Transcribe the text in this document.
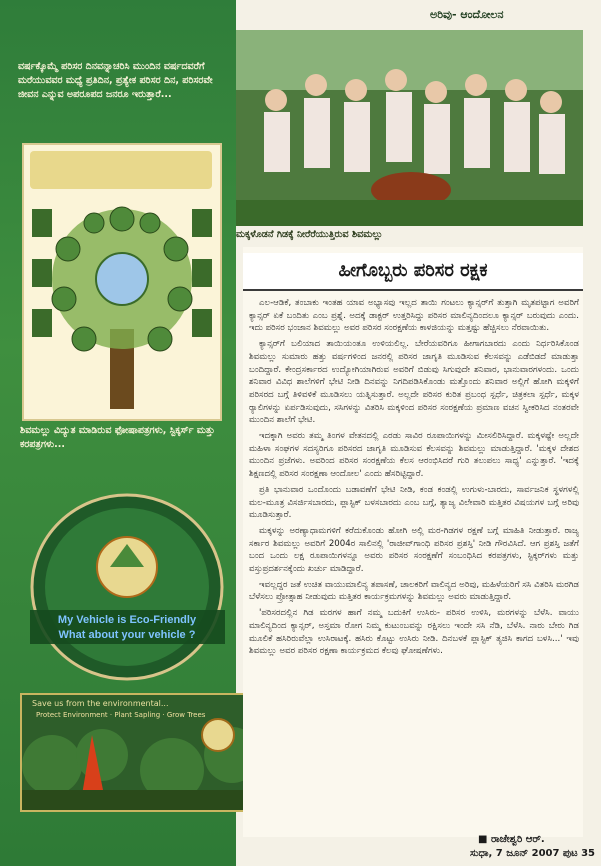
ಅರಿವು- ಆಂದೋಲನ
ವರ್ಷಕ್ಕೊಮ್ಮೆ ಪರಿಸರ ದಿನವನ್ನಾಚರಿಸಿ ಮುಂದಿನ ವರ್ಷದವರೆಗೆ ಮರೆಯುವವರ ಮಧ್ಯೆ ಪ್ರತಿದಿನ, ಪ್ರತ್ಯೇಕ ಪರಿಸರ ದಿನ, ಪರಿಸರವೇ ಜೀವನ ಎನ್ನುವ ಅಪರೂಪದ ಜನರೂ ಇರುತ್ತಾರೆ...
ಶಿವಮಲ್ಲು ವಿದ್ಯುತ ಮಾಡಿರುವ ಫೋಷಾಪತ್ರಗಳು, ಸ್ಟಿಕ್ಕರ್ಸ್ ಮತ್ತು ಕರಪತ್ರಗಳು...
My Vehicle is Eco-Friendly
What about your vehicle ?
Save us from the environmental...
Protect Environment · Plant Sapling · Grow Trees
ಮಕ್ಕಳೊಡನೆ ಗಿಡಕ್ಕೆ ನೀರೆರೆಯುತ್ತಿರುವ ಶಿವಮಲ್ಲು
ಹೀಗೊಬ್ಬರು ಪರಿಸರ ರಕ್ಷಕ

ಎಲ-ಆಡಿಕೆ, ತಂಬಾಕು ಇಂತಹ ಯಾವ ಅಭ್ಯಾಸವು ಇಲ್ಲದ ತಾಯಿ ಗಂಟಲು ಕ್ಯಾನ್ಸರ್‌ಗೆ ತುತ್ತಾಗಿ ಮೃತಪಟ್ಟಾಗ ಅವರಿಗೆ ಕ್ಯಾನ್ಸರ್ ಏಕೆ ಬಂದಿತು ಎಂಬ ಪ್ರಶ್ನೆ. ಅದಕ್ಕೆ ಡಾಕ್ಟರ್ ಉತ್ತರಿಸಿದ್ದು ಪರಿಸರ ಮಾಲಿನ್ಯದಿಂದಲೂ ಕ್ಯಾನ್ಸರ್ ಬರುವುದು ಎಂದು. ಇದು ಪರಿಸರ ಭಂಜಾನ ಶಿವಮಲ್ಲು ಅವರ ಪರಿಸರ ಸಂರಕ್ಷಣೆಯ ಕಾಳಜಿಯನ್ನು ಮತ್ತಷ್ಟು ಹೆಚ್ಚಿಸಲು ನೆರವಾಯಿತು.

ಕ್ಯಾನ್ಸರ್‌ಗೆ ಬಲಿಯಾದ ತಾಯಿಯಂತೂ ಉಳಿಯಲಿಲ್ಲ. ಬೇರೆಯವರಿಗೂ ಹೀಗಾಗಬಾರದು ಎಂದು ನಿರ್ಧರಿಸಿಕೊಂಡ ಶಿವಮಲ್ಲು ಸುಮಾರು ಹತ್ತು ವರ್ಷಗಳಿಂದ ಜನರಲ್ಲಿ ಪರಿಸರ ಜಾಗೃತಿ ಮೂಡಿಸುವ ಕೆಲಸವನ್ನು ಎಡೆಬಿಡದೆ ಮಾಡುತ್ತಾ ಬಂದಿದ್ದಾರೆ. ಕೇಂದ್ರಸರ್ಕಾರದ ಉದ್ಯೋಗಿಯಾಗಿರುವ ಅವರಿಗೆ ಬಿಡುವು ಸಿಗುವುದೇ ಶನಿವಾರ, ಭಾನುವಾರಗಳಂದು. ಒಂದು ಶನಿವಾರ ವಿವಿಧ ಶಾಲೆಗಳಿಗೆ ಭೇಟಿ ನೀಡಿ ದಿನವನ್ನು ನಿಗದಿಪಡಿಸಿಕೊಂಡು ಮತ್ತೊಂದು ಶನಿವಾರ ಅಲ್ಲಿಗೆ ಹೋಗಿ ಮಕ್ಕಳಿಗೆ ಪರಿಸರದ ಬಗ್ಗೆ ತಿಳಿವಳಿಕೆ ಮೂಡಿಸಲು ಯತ್ನಿಸುತ್ತಾರೆ. ಅಲ್ಲದೇ ಪರಿಸರ ಕುರಿತ ಪ್ರಬಂಧ ಸ್ಪರ್ಧೆ, ಚಿತ್ರಕಲಾ ಸ್ಪರ್ಧೆ, ಮಕ್ಕಳ ರ‍್ಯಾಲಿಗಳನ್ನು ಏರ್ಪಡಿಸುವುದು, ಸಸಿಗಳನ್ನು ವಿತರಿಸಿ ಮಕ್ಕಳಿಂದ ಪರಿಸರ ಸಂರಕ್ಷಣೆಯ ಪ್ರಮಾಣ ವಚನ ಸ್ವೀಕರಿಸಿದ ನಂತರವೇ ಮುಂದಿನ ಶಾಲೆಗೆ ಭೇಟಿ.

ಇದಕ್ಕಾಗಿ ಅವರು ತಮ್ಮ ತಿಂಗಳ ವೇತನದಲ್ಲಿ ಎರಡು ಸಾವಿರ ರೂಪಾಯಿಗಳನ್ನು ಮೀಸಲಿರಿಸಿದ್ದಾರೆ. ಮಕ್ಕಳಷ್ಟೇ ಅಲ್ಲದೇ ಮಹಿಳಾ ಸಂಘಗಳ ಸದಸ್ಯರಿಗೂ ಪರಿಸರದ ಜಾಗೃತಿ ಮೂಡಿಸುವ ಕೆಲಸವನ್ನು ಶಿವಮಲ್ಲು ಮಾಡುತ್ತಿದ್ದಾರೆ. 'ಮಕ್ಕಳ ದೇಶದ ಮುಂದಿನ ಪ್ರಜೆಗಳು. ಅವರಿಂದ ಪರಿಸರ ಸಂರಕ್ಷಣೆಯ ಕೆಲಸ ಆರಂಭಿಸಿದರೆ ಗುರಿ ತಲುಪಲು ಸಾಧ್ಯ' ಎನ್ನುತ್ತಾರೆ. 'ಇದಕ್ಕೆ ಶಿಕ್ಷಣದಲ್ಲಿ ಪರಿಸರ ಸಂರಕ್ಷಣಾ ಆಂದೋಲ' ಎಂದು ಹೆಸರಿಟ್ಟಿದ್ದಾರೆ.

ಪ್ರತಿ ಭಾನುವಾರ ಒಂದೊಂದು ಬಡಾವಣೆಗೆ ಭೇಟಿ ನೀಡಿ, ಕಂಡ ಕಂಡಲ್ಲಿ ಉಗುಳು-ಬಾರದು, ಸಾರ್ವಜನಿಕ ಸ್ಥಳಗಳಲ್ಲಿ ಮಲ-ಮೂತ್ರ ವಿಸರ್ಜಿಸಬಾರದು, ಪ್ಲಾಸ್ಟಿಕ್ ಬಳಸಬಾರದು ಎಂಬ ಬಗ್ಗೆ, ತ್ಯಾಜ್ಯ ವಿಲೇವಾರಿ ಮತ್ತಿತರ ವಿಷಯಗಳ ಬಗ್ಗೆ ಅರಿವು ಮೂಡಿಸುತ್ತಾರೆ.

ಮಕ್ಕಳನ್ನು ಅರಣ್ಯಾಧಾಮಗಳಿಗೆ ಕರೆದುಕೊಂಡು ಹೋಗಿ ಅಲ್ಲಿ ಮರ-ಗಿಡಗಳ ರಕ್ಷಣೆ ಬಗ್ಗೆ ಮಾಹಿತಿ ನೀಡುತ್ತಾರೆ. ರಾಜ್ಯ ಸರ್ಕಾರ ಶಿವಮಲ್ಲು ಅವರಿಗೆ 2004ರ ಸಾಲಿನಲ್ಲಿ 'ರಾಜೀವ್‌ಗಾಂಧಿ ಪರಿಸರ ಪ್ರಶಸ್ತಿ' ನೀಡಿ ಗೌರವಿಸಿದೆ. ಆಗ ಪ್ರಶಸ್ತಿ ಜತೆಗೆ ಬಂದ ಒಂದು ಲಕ್ಷ ರೂಪಾಯಿಗಳನ್ನೂ ಅವರು ಪರಿಸರ ಸಂರಕ್ಷಣೆಗೆ ಸಂಬಂಧಿಸಿದ ಕರಪತ್ರಗಳು, ಸ್ಟಿಕ್ಕರ್‌ಗಳು ಮತ್ತು ವಸ್ತುಪ್ರದರ್ಶನಕ್ಕೆಂದು ಖರ್ಚು ಮಾಡಿದ್ದಾರೆ.

ಇವಲ್ಲದ್ದರ ಜತೆ ಉಚಿತ ವಾಯುಮಾಲಿನ್ಯ ತಪಾಸಣೆ, ಚಾಲಕರಿಗೆ ವಾಲಿನ್ಯದ ಅರಿವು, ಮಹಿಳೆಯರಿಗೆ ಸಸಿ ವಿತರಿಸಿ ಮರಗಿಡ ಬೆಳೆಸಲು ಪ್ರೋತ್ಸಾಹ ನೀಡುವುದು ಮತ್ತಿತರ ಕಾರ್ಯಕ್ರಮಗಳನ್ನು ಶಿವಮಲ್ಲು ಅವರು ಮಾಡುತ್ತಿದ್ದಾರೆ.

'ಪರಿಸರದಲ್ಲಿನ ಗಿಡ ಮರಗಳ ಹಾಗೆ ನಮ್ಮ ಬದುಕಿಗೆ ಉಸಿರು- ಪರಿಸರ ಉಳಿಸಿ, ಮರಗಳನ್ನು ಬೆಳೆಸಿ. ವಾಯು ಮಾಲಿನ್ಯದಿಂದ ಕ್ಯಾನ್ಸರ್, ಅಸ್ತಮಾ ರೋಗ ನಿಮ್ಮ ಕುಟುಂಬವನ್ನು ರಕ್ಷಿಸಲು ಇಂದೇ ಸಸಿ ನೆಡಿ, ಬೆಳೆಸಿ. ನಾರು ಬೇರು ಗಿಡ ಮೂಲಿಕೆ ಹಸಿರಿರುವೆಲ್ಲಾ ಉಸಿರಾಟಕ್ಕೆ. ಹಸಿರು ಕೊಟ್ಟು ಉಸಿರು ನೀಡಿ. ದಿನಬಳಕೆ ಪ್ಲಾಸ್ಟಿಕ್ ತ್ಯಜಿಸಿ ಕಾಗದ ಬಳಸಿ...' ಇವು ಶಿವಮಲ್ಲು ಅವರ ಪರಿಸರ ರಕ್ಷಣಾ ಕಾರ್ಯಕ್ರಮದ ಕೆಲವು ಘೋಷಣೆಗಳು.

■ ರಾಜೇಶ್ವರಿ ಆರ್.
ಸುಧಾ, 7 ಜೂನ್ 2007 ಪುಟ 35
